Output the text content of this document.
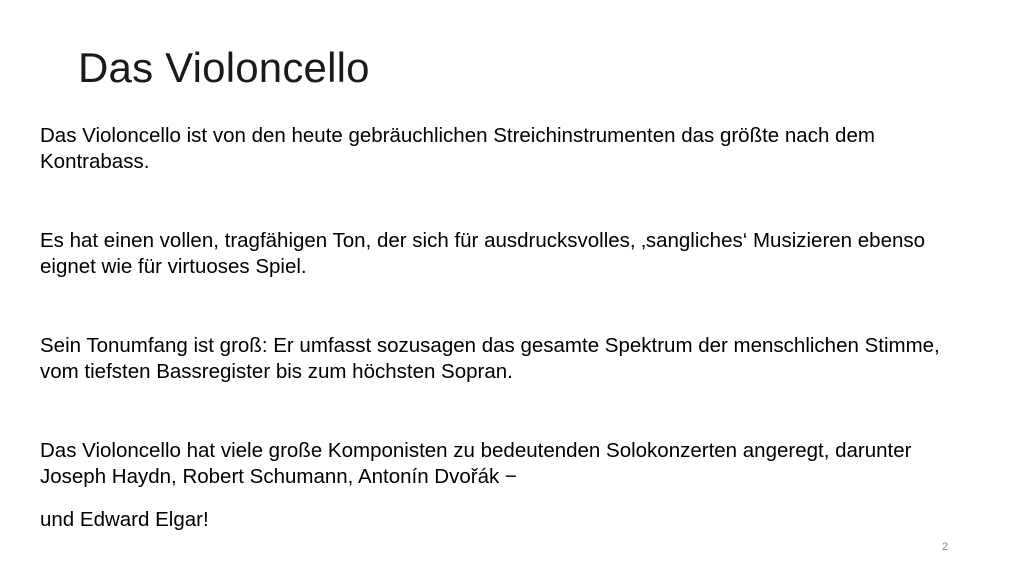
Das Violoncello
Das Violoncello ist von den heute gebräuchlichen Streichinstrumenten das größte nach dem Kontrabass.
Es hat einen vollen, tragfähigen Ton, der sich für ausdrucksvolles, ‚sangliches‘ Musizieren ebenso eignet wie für virtuoses Spiel.
Sein Tonumfang ist groß: Er umfasst sozusagen das gesamte Spektrum der menschlichen Stimme, vom tiefsten Bassregister bis zum höchsten Sopran.
Das Violoncello hat viele große Komponisten zu bedeutenden Solokonzerten angeregt, darunter Joseph Haydn, Robert Schumann, Antonín Dvořák −
und Edward Elgar!
2
